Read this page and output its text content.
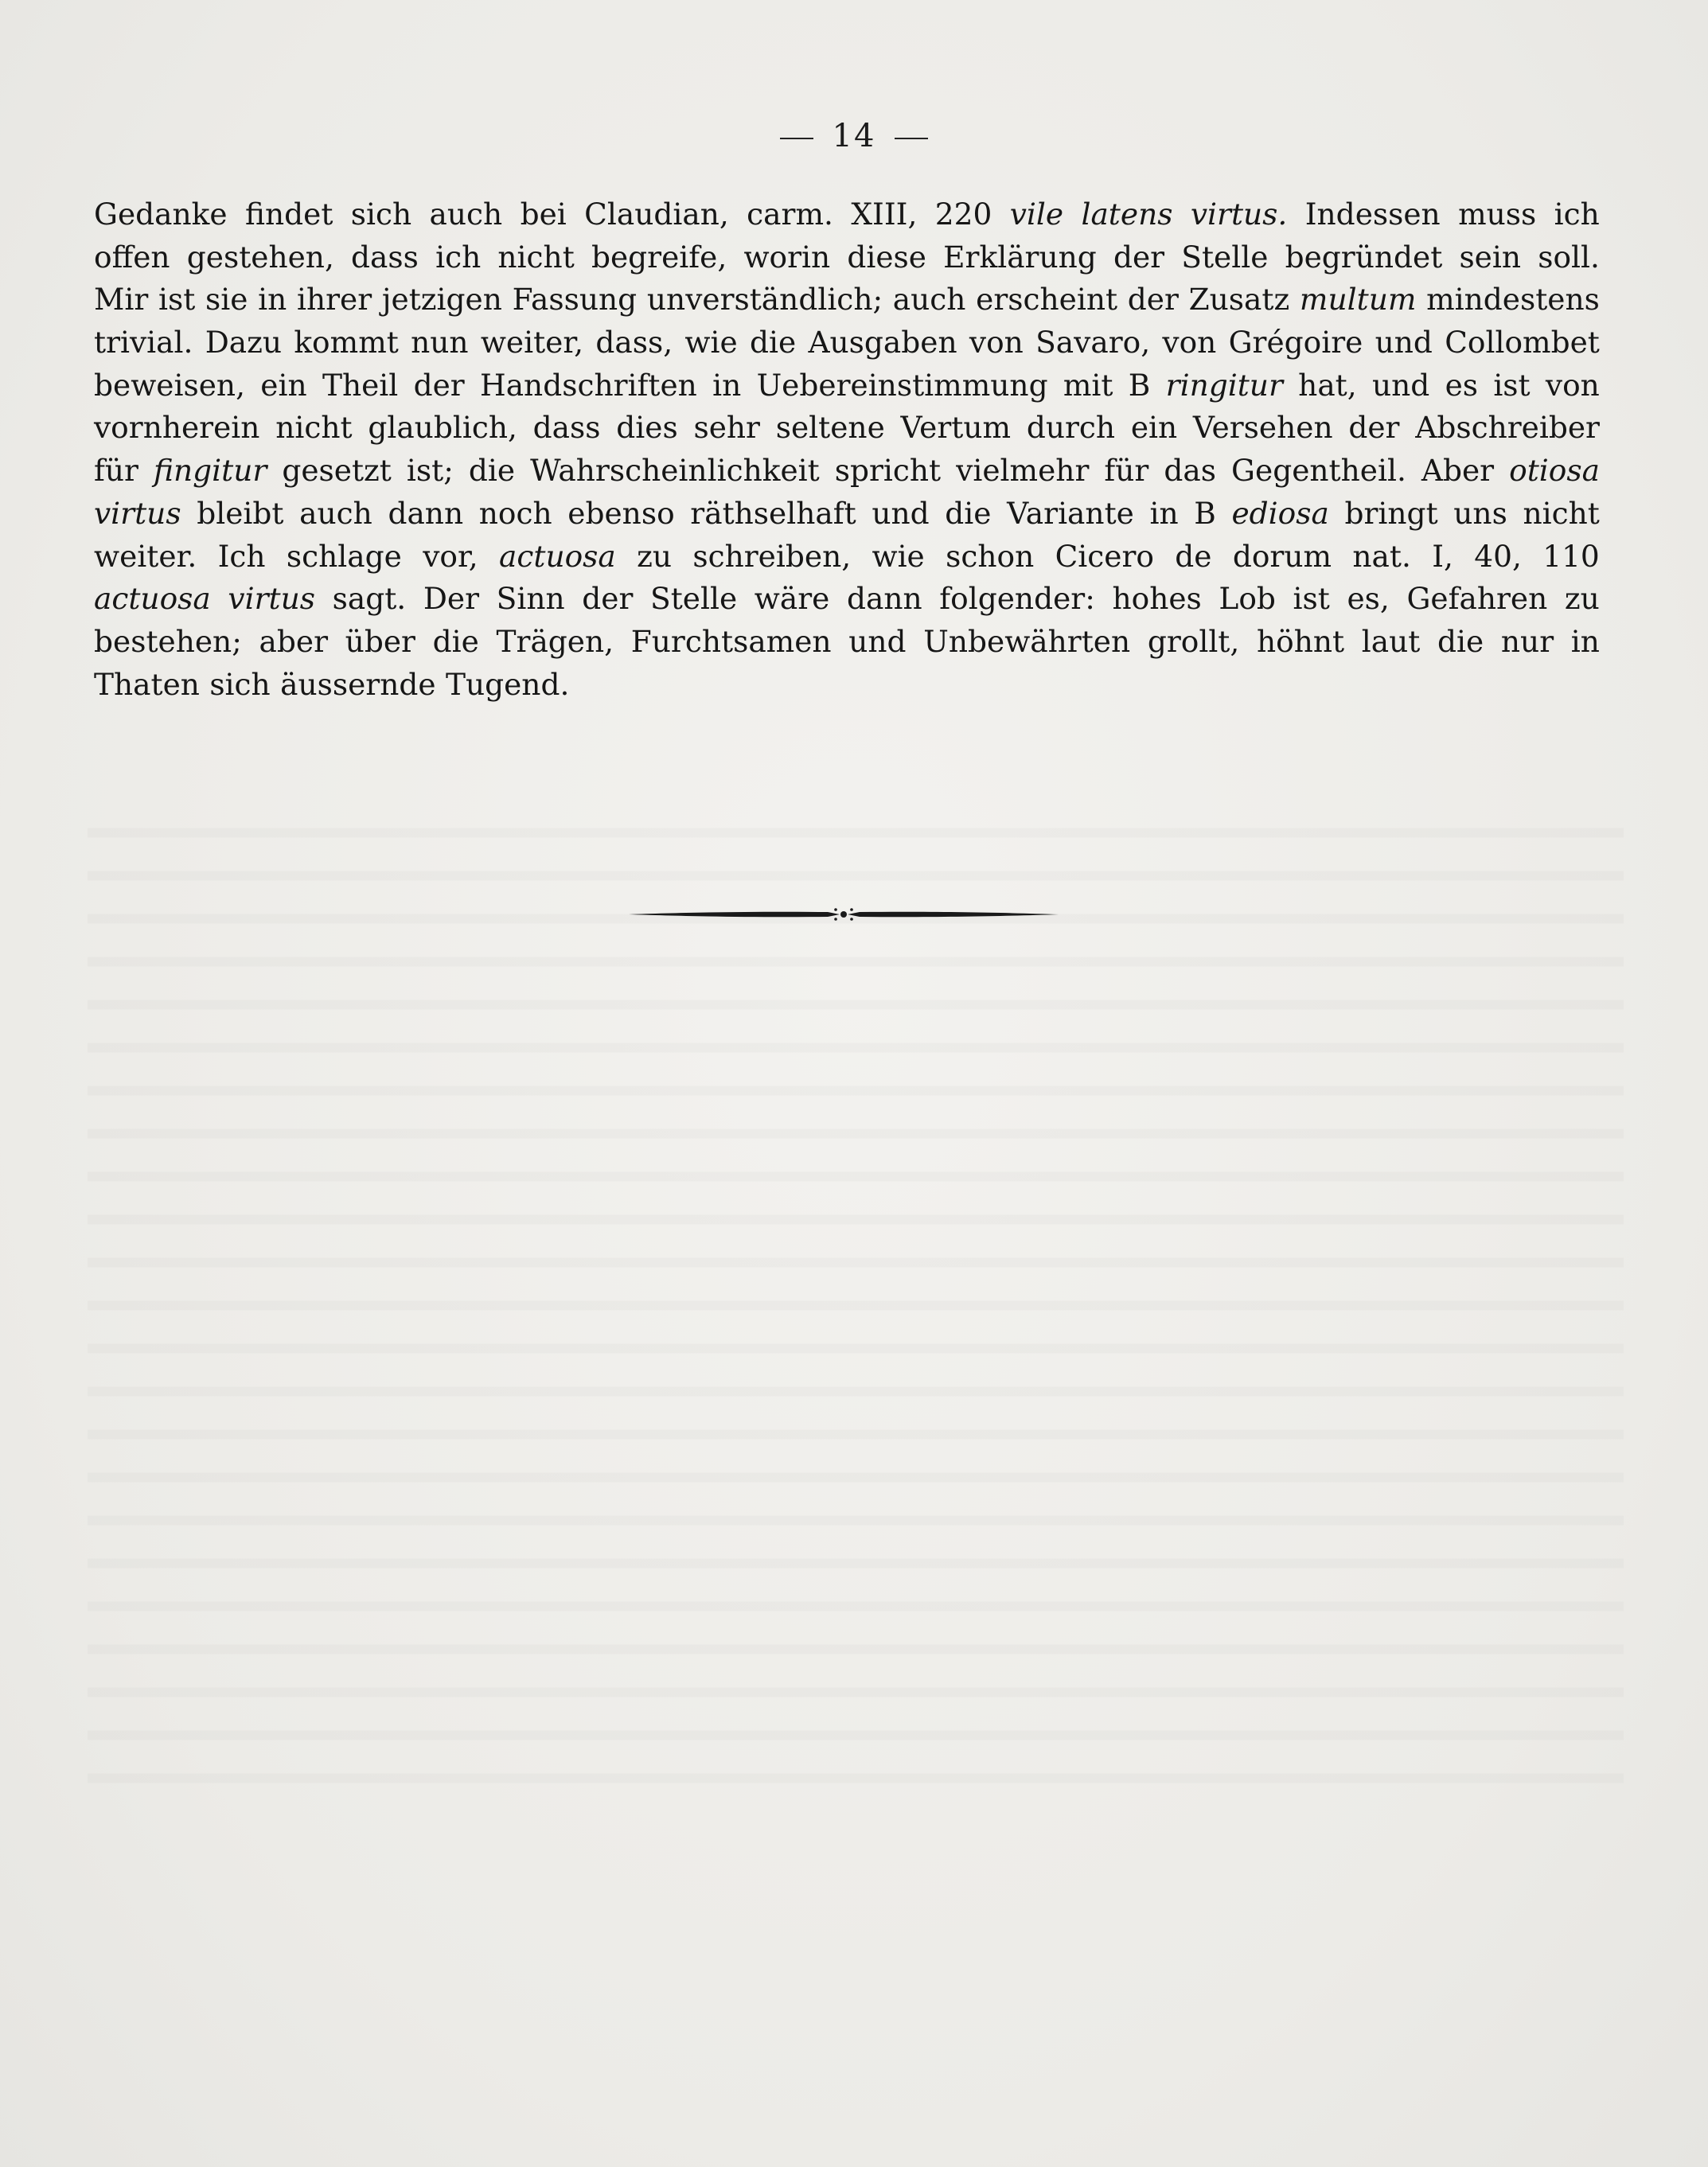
14
Gedanke findet sich auch bei Claudian, carm. XIII, 220 vile latens virtus. Indessen muss ich
offen gestehen, dass ich nicht begreife, worin diese Erklärung der Stelle begründet sein soll.
Mir ist sie in ihrer jetzigen Fassung unverständlich; auch erscheint der Zusatz multum mindestens
trivial. Dazu kommt nun weiter, dass, wie die Ausgaben von Savaro, von Grégoire und Collombet
beweisen, ein Theil der Handschriften in Uebereinstimmung mit B ringitur hat, und es ist von
vornherein nicht glaublich, dass dies sehr seltene Vertum durch ein Versehen der Abschreiber
für fingitur gesetzt ist; die Wahrscheinlichkeit spricht vielmehr für das Gegentheil. Aber otiosa
virtus bleibt auch dann noch ebenso räthselhaft und die Variante in B ediosa bringt uns nicht
weiter. Ich schlage vor, actuosa zu schreiben, wie schon Cicero de dorum nat. I, 40, 110
actuosa virtus sagt. Der Sinn der Stelle wäre dann folgender: hohes Lob ist es, Gefahren zu
bestehen; aber über die Trägen, Furchtsamen und Unbewährten grollt, höhnt laut die nur in
Thaten sich äussernde Tugend.
